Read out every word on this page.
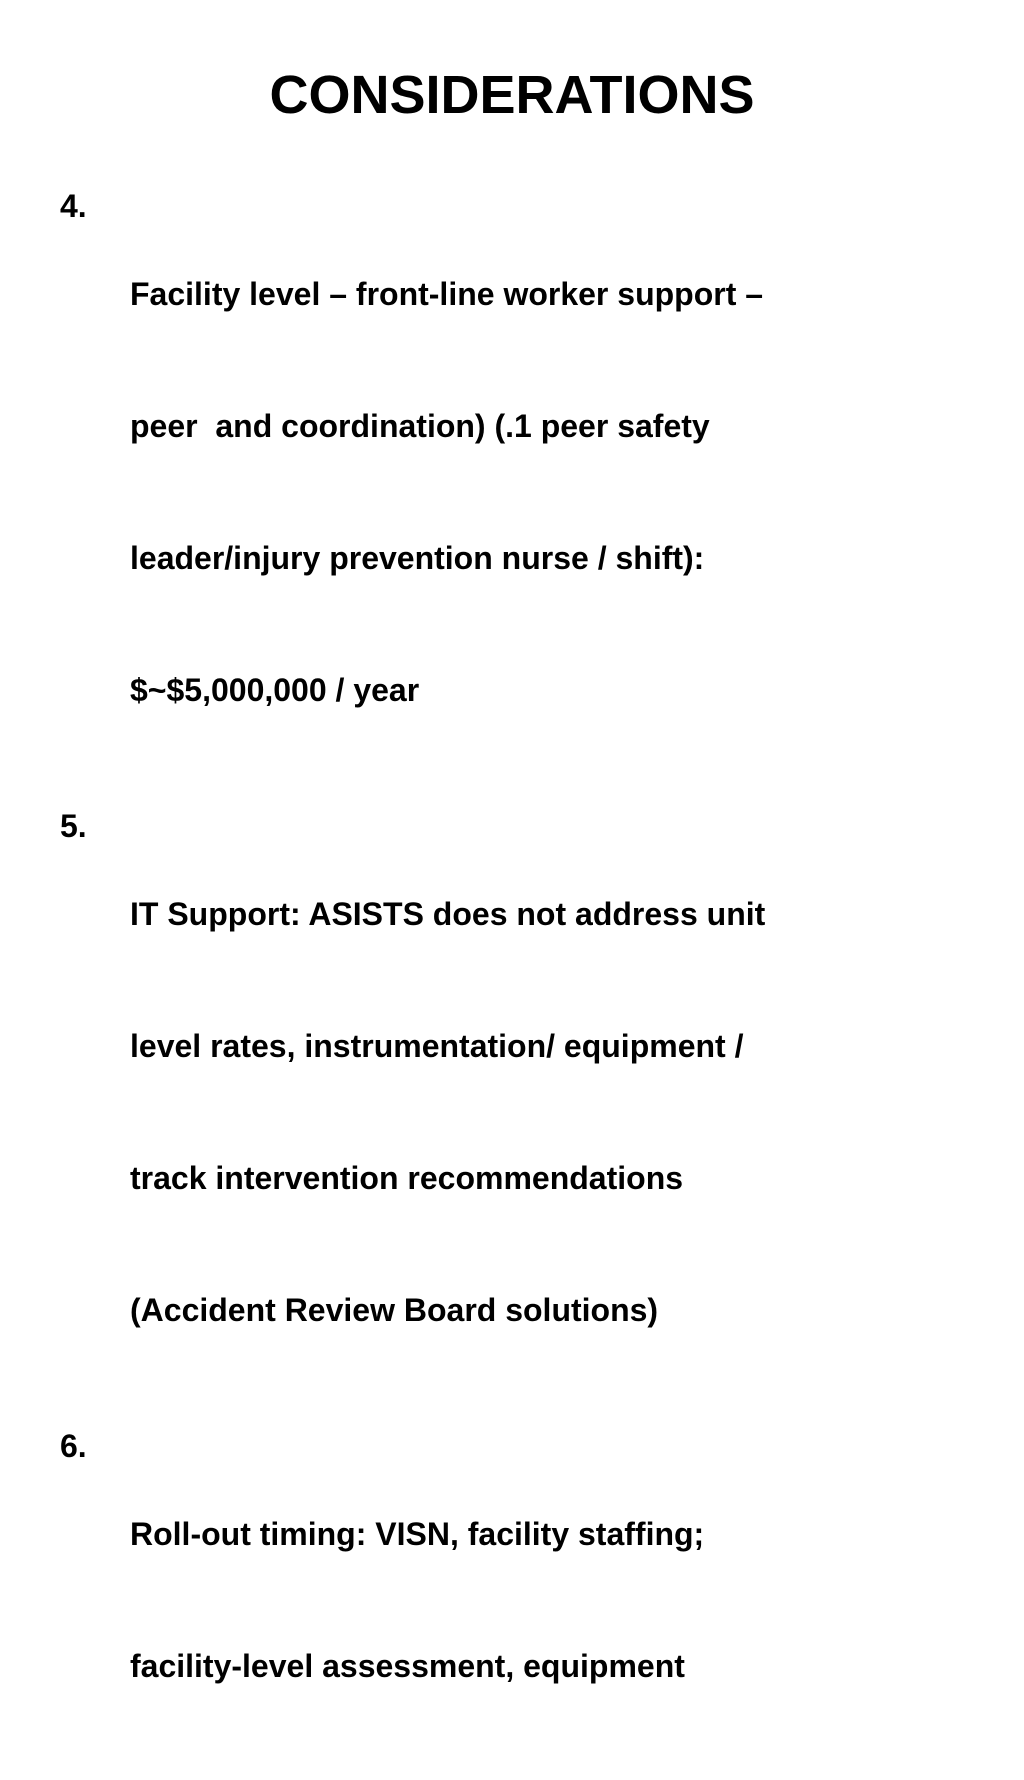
CONSIDERATIONS
4.

Facility level – front-line worker support –

peer  and coordination) (.1 peer safety

leader/injury prevention nurse / shift):

$~$5,000,000 / year

5.

IT Support: ASISTS does not address unit

level rates, instrumentation/ equipment /

track intervention recommendations

(Accident Review Board solutions)

6.

Roll-out timing: VISN, facility staffing;

facility-level assessment, equipment
